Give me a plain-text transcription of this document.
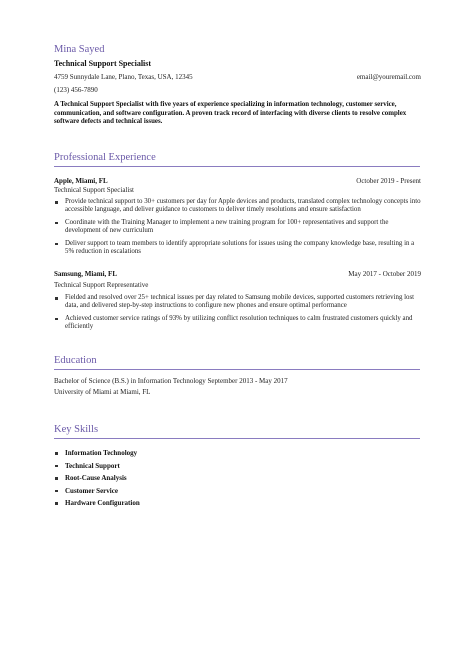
Mina Sayed
Technical Support Specialist
4759 Sunnydale Lane, Plano, Texas, USA, 12345	email@youremail.com
(123) 456-7890
A Technical Support Specialist with five years of experience specializing in information technology, customer service, communication, and software configuration. A proven track record of interfacing with diverse clients to resolve complex software defects and technical issues.
Professional Experience
Apple, Miami, FL	October 2019 - Present
Technical Support Specialist
Provide technical support to 30+ customers per day for Apple devices and products, translated complex technology concepts into accessible language, and deliver guidance to customers to deliver timely resolutions and ensure satisfaction
Coordinate with the Training Manager to implement a new training program for 100+ representatives and support the development of new curriculum
Deliver support to team members to identify appropriate solutions for issues using the company knowledge base, resulting in a 5% reduction in escalations
Samsung, Miami, FL	May 2017 - October 2019
Technical Support Representative
Fielded and resolved over 25+ technical issues per day related to Samsung mobile devices, supported customers retrieving lost data, and delivered step-by-step instructions to configure new phones and ensure optimal performance
Achieved customer service ratings of 93% by utilizing conflict resolution techniques to calm frustrated customers quickly and efficiently
Education
Bachelor of Science (B.S.) in Information Technology September 2013 - May 2017
University of Miami at Miami, FL
Key Skills
Information Technology
Technical Support
Root-Cause Analysis
Customer Service
Hardware Configuration
